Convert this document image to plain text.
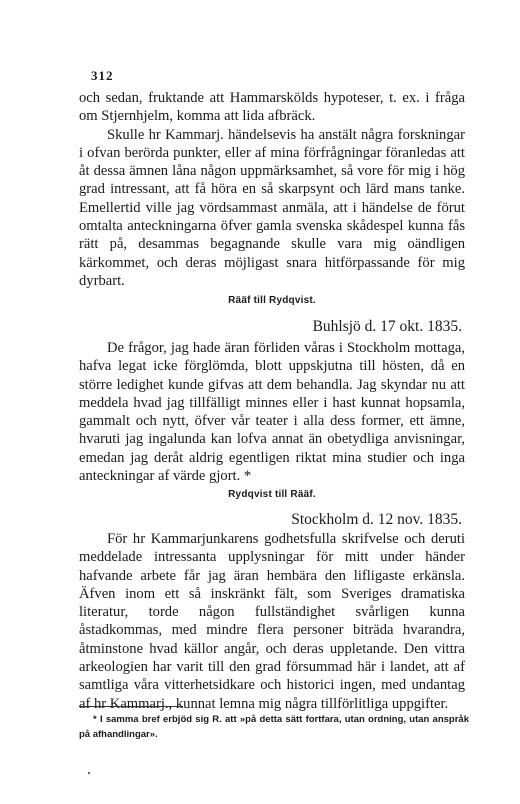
312

och sedan, fruktande att Hammarskölds hypoteser, t. ex. i fråga om Stjernhjelm, komma att lida afbräck.

Skulle hr Kammarj. händelsevis ha anstält några forskningar i ofvan berörda punkter, eller af mina förfrågningar föranledas att åt dessa ämnen låna någon uppmärksamhet, så vore för mig i hög grad intressant, att få höra en så skarpsynt och lärd mans tanke. Emellertid ville jag vördsammast anmäla, att i händelse de förut omtalta anteckningarna öfver gamla svenska skådespel kunna fås rätt på, desammas begagnande skulle vara mig oändligen kärkommet, och deras möjligast snara hitförpassande för mig dyrbart.

Rääf till Rydqvist.
Buhlsjö d. 17 okt. 1835.

De frågor, jag hade äran förliden våras i Stockholm mottaga, hafva legat icke förglömda, blott uppskjutna till hösten, då en större ledighet kunde gifvas att dem behandla. Jag skyndar nu att meddela hvad jag tillfälligt minnes eller i hast kunnat hopsamla, gammalt och nytt, öfver vår teater i alla dess former, ett ämne, hvaruti jag ingalunda kan lofva annat än obetydliga anvisningar, emedan jag deråt aldrig egentligen riktat mina studier och inga anteckningar af värde gjort. *

Rydqvist till Rääf.
Stockholm d. 12 nov. 1835.

För hr Kammarjunkarens godhetsfulla skrifvelse och deruti meddelade intressanta upplysningar för mitt under händer hafvande arbete får jag äran hembära den lifligaste erkänsla. Äfven inom ett så inskränkt fält, som Sveriges dramatiska literatur, torde någon fullständighet svårligen kunna åstadkommas, med mindre flera personer biträda hvarandra, åtminstone hvad källor angår, och deras uppletande. Den vittra arkeologien har varit till den grad försummad här i landet, att af samtliga våra vitterhetsidkare och historici ingen, med undantag af hr Kammarj., kunnat lemna mig några tillförlitliga uppgifter.

* I samma bref erbjöd sig R. att »på detta sätt fortfara, utan ordning, utan anspråk på afhandlingar».
